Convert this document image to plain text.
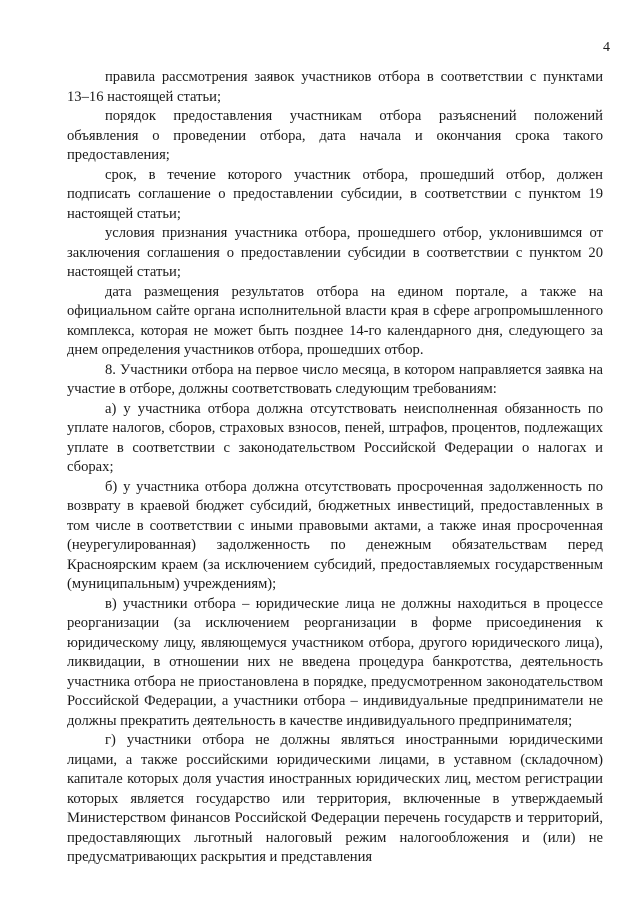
4

правила рассмотрения заявок участников отбора в соответствии с пунктами 13–16 настоящей статьи;

порядок предоставления участникам отбора разъяснений положений объявления о проведении отбора, дата начала и окончания срока такого предоставления;

срок, в течение которого участник отбора, прошедший отбор, должен подписать соглашение о предоставлении субсидии, в соответствии с пунктом 19 настоящей статьи;

условия признания участника отбора, прошедшего отбор, уклонившимся от заключения соглашения о предоставлении субсидии в соответствии с пунктом 20 настоящей статьи;

дата размещения результатов отбора на едином портале, а также на официальном сайте органа исполнительной власти края в сфере агропромышленного комплекса, которая не может быть позднее 14-го календарного дня, следующего за днем определения участников отбора, прошедших отбор.

8. Участники отбора на первое число месяца, в котором направляется заявка на участие в отборе, должны соответствовать следующим требованиям:

а) у участника отбора должна отсутствовать неисполненная обязанность по уплате налогов, сборов, страховых взносов, пеней, штрафов, процентов, подлежащих уплате в соответствии с законодательством Российской Федерации о налогах и сборах;

б) у участника отбора должна отсутствовать просроченная задолженность по возврату в краевой бюджет субсидий, бюджетных инвестиций, предоставленных в том числе в соответствии с иными правовыми актами, а также иная просроченная (неурегулированная) задолженность по денежным обязательствам перед Красноярским краем (за исключением субсидий, предоставляемых государственным (муниципальным) учреждениям);

в) участники отбора – юридические лица не должны находиться в процессе реорганизации (за исключением реорганизации в форме присоединения к юридическому лицу, являющемуся участником отбора, другого юридического лица), ликвидации, в отношении них не введена процедура банкротства, деятельность участника отбора не приостановлена в порядке, предусмотренном законодательством Российской Федерации, а участники отбора – индивидуальные предприниматели не должны прекратить деятельность в качестве индивидуального предпринимателя;

г) участники отбора не должны являться иностранными юридическими лицами, а также российскими юридическими лицами, в уставном (складочном) капитале которых доля участия иностранных юридических лиц, местом регистрации которых является государство или территория, включенные в утверждаемый Министерством финансов Российской Федерации перечень государств и территорий, предоставляющих льготный налоговый режим налогообложения и (или) не предусматривающих раскрытия и представления
